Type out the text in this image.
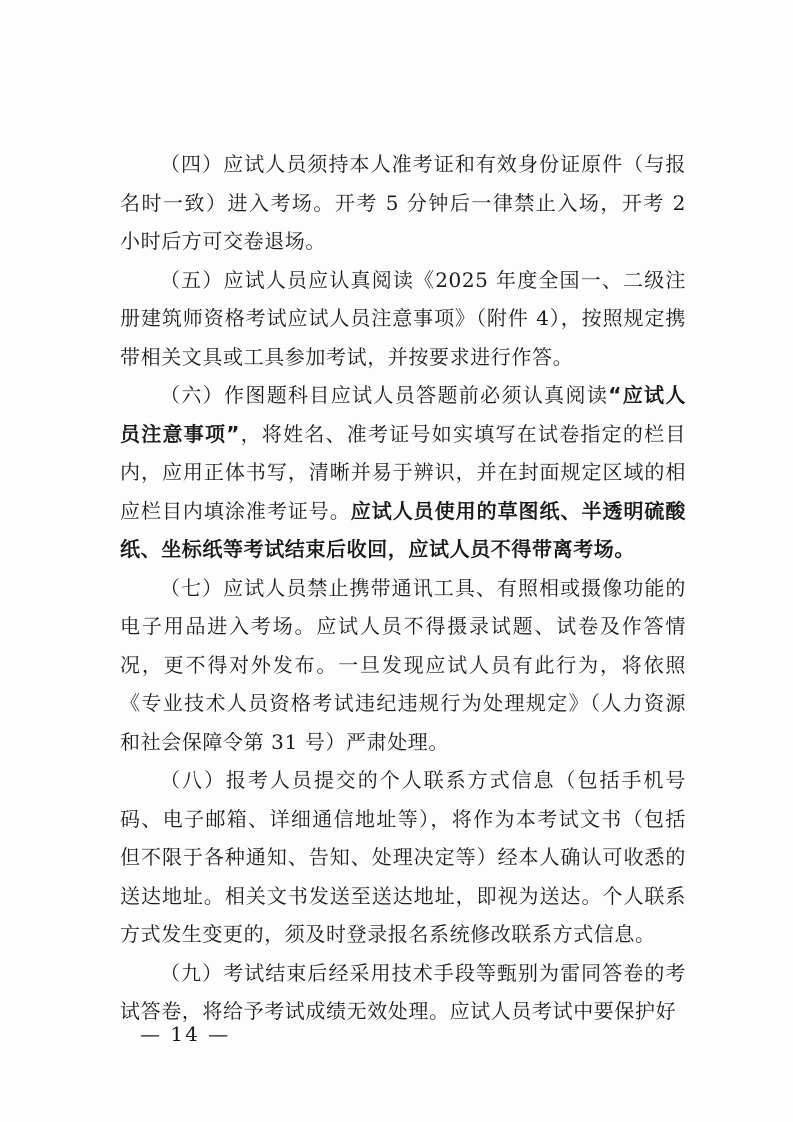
（四）应试人员须持本人准考证和有效身份证原件（与报名时一致）进入考场。开考 5 分钟后一律禁止入场，开考 2 小时后方可交卷退场。

（五）应试人员应认真阅读《2025 年度全国一、二级注册建筑师资格考试应试人员注意事项》（附件 4），按照规定携带相关文具或工具参加考试，并按要求进行作答。

（六）作图题科目应试人员答题前必须认真阅读“应试人员注意事项”，将姓名、准考证号如实填写在试卷指定的栏目内，应用正体书写，清晰并易于辨识，并在封面规定区域的相应栏目内填涂准考证号。应试人员使用的草图纸、半透明硫酸纸、坐标纸等考试结束后收回，应试人员不得带离考场。

（七）应试人员禁止携带通讯工具、有照相或摄像功能的电子用品进入考场。应试人员不得摄录试题、试卷及作答情况，更不得对外发布。一旦发现应试人员有此行为，将依照《专业技术人员资格考试违纪违规行为处理规定》（人力资源和社会保障令第 31 号）严肃处理。

（八）报考人员提交的个人联系方式信息（包括手机号码、电子邮箱、详细通信地址等），将作为本考试文书（包括但不限于各种通知、告知、处理决定等）经本人确认可收悉的送达地址。相关文书发送至送达地址，即视为送达。个人联系方式发生变更的，须及时登录报名系统修改联系方式信息。

（九）考试结束后经采用技术手段等甄别为雷同答卷的考试答卷，将给予考试成绩无效处理。应试人员考试中要保护好

— 14 —
